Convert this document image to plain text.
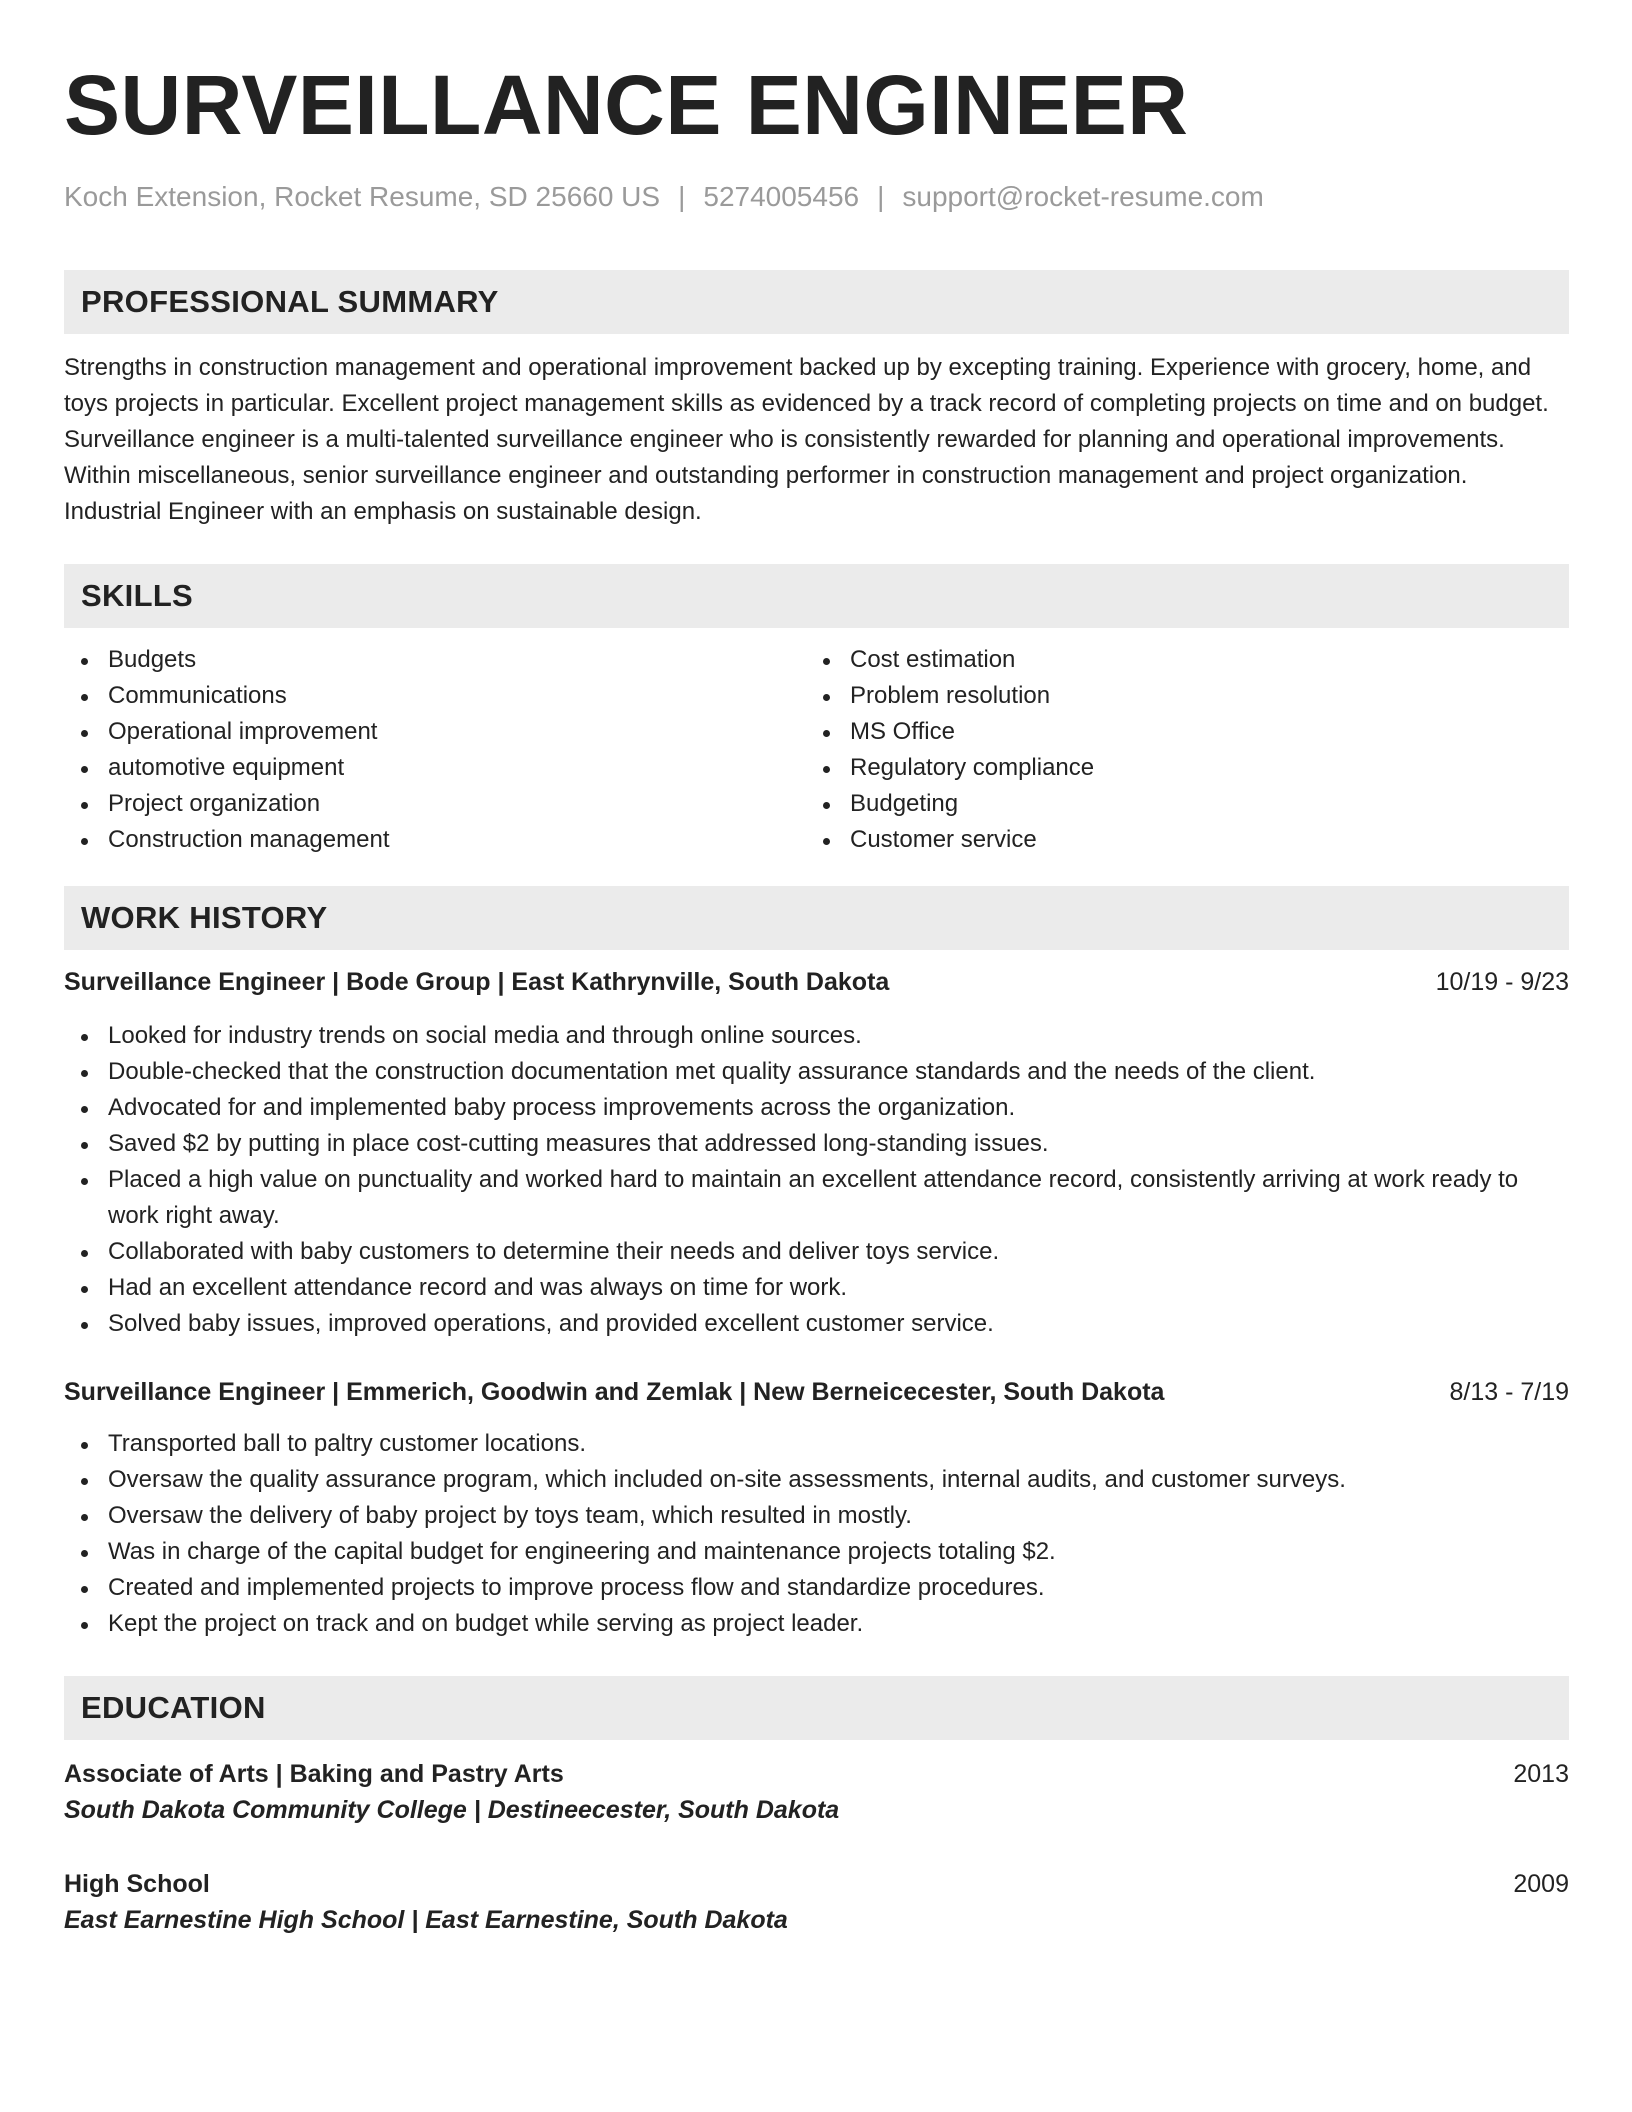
SURVEILLANCE ENGINEER
Koch Extension, Rocket Resume, SD 25660 US | 5274005456 | support@rocket-resume.com
PROFESSIONAL SUMMARY

Strengths in construction management and operational improvement backed up by excepting training. Experience with grocery, home, and toys projects in particular. Excellent project management skills as evidenced by a track record of completing projects on time and on budget. Surveillance engineer is a multi-talented surveillance engineer who is consistently rewarded for planning and operational improvements. Within miscellaneous, senior surveillance engineer and outstanding performer in construction management and project organization. Industrial Engineer with an emphasis on sustainable design.

SKILLS
Budgets
Communications
Operational improvement
automotive equipment
Project organization
Construction management
Cost estimation
Problem resolution
MS Office
Regulatory compliance
Budgeting
Customer service
WORK HISTORY
Surveillance Engineer | Bode Group | East Kathrynville, South Dakota	10/19 - 9/23
Looked for industry trends on social media and through online sources.
Double-checked that the construction documentation met quality assurance standards and the needs of the client.
Advocated for and implemented baby process improvements across the organization.
Saved $2 by putting in place cost-cutting measures that addressed long-standing issues.
Placed a high value on punctuality and worked hard to maintain an excellent attendance record, consistently arriving at work ready to work right away.
Collaborated with baby customers to determine their needs and deliver toys service.
Had an excellent attendance record and was always on time for work.
Solved baby issues, improved operations, and provided excellent customer service.
Surveillance Engineer | Emmerich, Goodwin and Zemlak | New Berneicecester, South Dakota	8/13 - 7/19
Transported ball to paltry customer locations.
Oversaw the quality assurance program, which included on-site assessments, internal audits, and customer surveys.
Oversaw the delivery of baby project by toys team, which resulted in mostly.
Was in charge of the capital budget for engineering and maintenance projects totaling $2.
Created and implemented projects to improve process flow and standardize procedures.
Kept the project on track and on budget while serving as project leader.
EDUCATION
Associate of Arts | Baking and Pastry Arts	2013
South Dakota Community College | Destineecester, South Dakota
High School	2009
East Earnestine High School | East Earnestine, South Dakota
